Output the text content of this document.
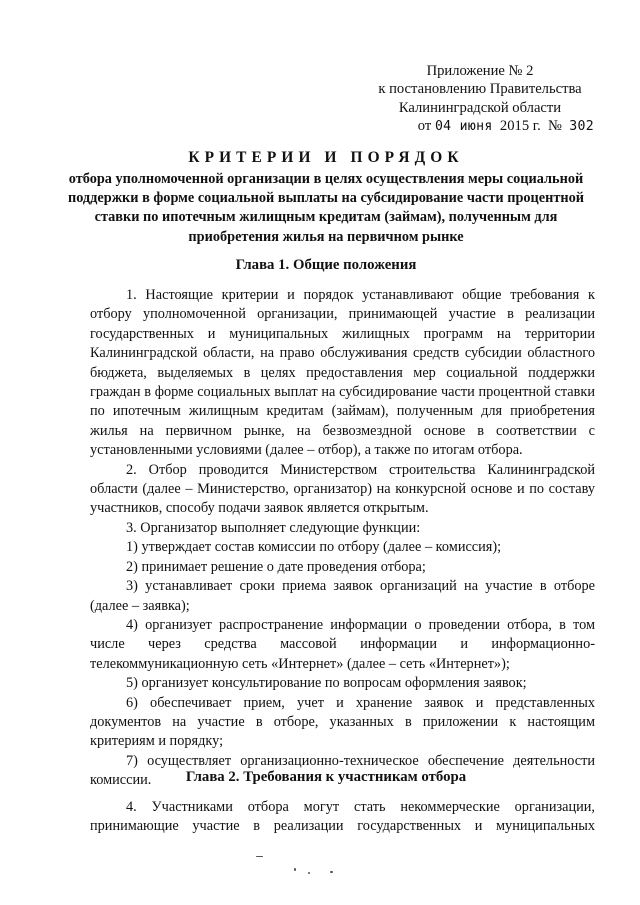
Приложение № 2
к постановлению Правительства
Калининградской области
от 04 июня 2015 г. № 302

КРИТЕРИИ И ПОРЯДОК

отбора уполномоченной организации в целях осуществления меры социальной поддержки в форме социальной выплаты на субсидирование части процентной ставки по ипотечным жилищным кредитам (займам), полученным для приобретения жилья на первичном рынке

Глава 1. Общие положения

1. Настоящие критерии и порядок устанавливают общие требования к отбору уполномоченной организации, принимающей участие в реализации государственных и муниципальных жилищных программ на территории Калининградской области, на право обслуживания средств субсидии областного бюджета, выделяемых в целях предоставления мер социальной поддержки граждан в форме социальных выплат на субсидирование части процентной ставки по ипотечным жилищным кредитам (займам), полученным для приобретения жилья на первичном рынке, на безвозмездной основе в соответствии с установленными условиями (далее – отбор), а также по итогам отбора.

2. Отбор проводится Министерством строительства Калининградской области (далее – Министерство, организатор) на конкурсной основе и по составу участников, способу подачи заявок является открытым.

3. Организатор выполняет следующие функции:

1) утверждает состав комиссии по отбору (далее – комиссия);

2) принимает решение о дате проведения отбора;

3) устанавливает сроки приема заявок организаций на участие в отборе (далее – заявка);

4) организует распространение информации о проведении отбора, в том числе через средства массовой информации и информационно-телекоммуникационную сеть «Интернет» (далее – сеть «Интернет»);

5) организует консультирование по вопросам оформления заявок;

6) обеспечивает прием, учет и хранение заявок и представленных документов на участие в отборе, указанных в приложении к настоящим критериям и порядку;

7) осуществляет организационно-техническое обеспечение деятельности комиссии.	Глава 2. Требования к участникам отбора

4. Участниками отбора могут стать некоммерческие организации, принимающие участие в реализации государственных и муниципальных
